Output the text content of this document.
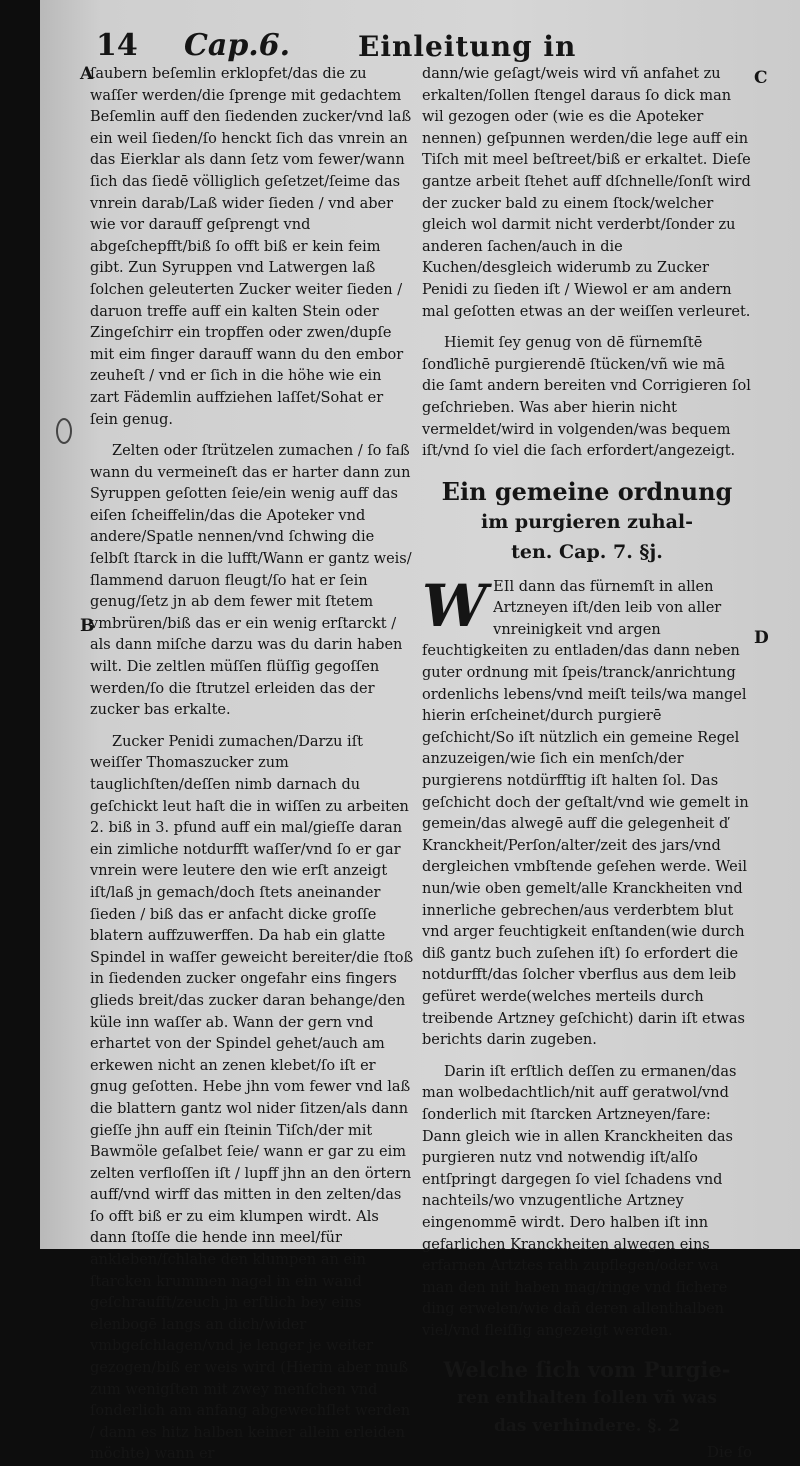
14 Cap.6. Einleitung in
A
B
C
D

ſaubern beſemlin erklopfet/das die zu waſſer werden/die ſprenge mit gedachtem Beſemlin auff den ſiedenden zucker/vnd laß ein weil ſieden/ſo henckt ſich das vnrein an das Eierklar als dann ſetz vom fewer/wann ſich das ſiedē völliglich geſetzet/ſeime das vnrein darab/Laß wider ſieden / vnd aber wie vor darauff geſprengt vnd abgeſchepfft/biß ſo offt biß er kein feim gibt. Zun Syruppen vnd Latwergen laß ſolchen geleuterten Zucker weiter ſieden / daruon treffe auff ein kalten Stein oder Zingeſchirr ein tropffen oder zwen/dupſe mit eim finger darauff wann du den embor zeuheſt / vnd er ſich in die höhe wie ein zart Fädemlin auffziehen laſſet/Sohat er ſein genug.

Zelten oder ſtrützelen zumachen / ſo faß wann du vermeineſt das er harter dann zun Syruppen geſotten ſeie/ein wenig auff das eiſen ſcheiffelin/das die Apoteker vnd andere/Spatle nennen/vnd ſchwing die ſelbſt ſtarck in die lufft/Wann er gantz weis/ſlammend daruon fleugt/ſo hat er ſein genug/ſetz jn ab dem fewer mit ſtetem vmbrüren/biß das er ein wenig erſtarckt / als dann miſche darzu was du darin haben wilt. Die zeltlen müſſen flüſſig gegoſſen werden/ſo die ſtrutzel erleiden das der zucker bas erkalte.

Zucker Penidi zumachen/Darzu iſt weiſſer Thomaszucker zum tauglichſten/deſſen nimb darnach du geſchickt leut haſt die in wiſſen zu arbeiten 2. biß in 3. pfund auff ein mal/gieſſe daran ein zimliche notdurfft waſſer/vnd ſo er gar vnrein were leutere den wie erſt anzeigt iſt/laß jn gemach/doch ſtets aneinander ſieden / biß das er anfacht dicke groſſe blatern auffzuwerffen. Da hab ein glatte Spindel in waſſer geweicht bereiter/die ſtoß in ſiedenden zucker ongefahr eins fingers glieds breit/das zucker daran behange/den küle inn waſſer ab. Wann der gern vnd erhartet von der Spindel gehet/auch am erkewen nicht an zenen klebet/ſo iſt er gnug geſotten. Hebe jhn vom fewer vnd laß die blattern gantz wol nider ſitzen/als dann gieſſe jhn auff ein ſteinin Tiſch/der mit Bawmöle geſalbet ſeie/ wann er gar zu eim zelten verfloſſen iſt / lupff jhn an den örtern auff/vnd wirff das mitten in den zelten/das ſo offt biß er zu eim klumpen wirdt. Als dann ſtoſſe die hende inn meel/für ankleben/ſchlahe den klumpen an ein ſtarcken krummen nagel in ein wand geſchraufft/zeuch jn erſtlich bey eins elenbogē langs an dich/wider vmbgeſchlagen/vnd je lenger je weiter gezogen/biß er weis wird (Hierin aber muß zum wenigſten mit zwey menſchen vnd ſonderlich am anfang abgewechſlet werden / dann es hitz halben keiner allein erleiden möchte) wann er

dann/wie geſagt/weis wird vñ anfahet zu erkalten/ſollen ſtengel daraus ſo dick man wil gezogen oder (wie es die Apoteker nennen) geſpunnen werden/die lege auff ein Tiſch mit meel beſtreet/biß er erkaltet. Dieſe gantze arbeit ſtehet auff dſchnelle/ſonſt wird der zucker bald zu einem ſtock/welcher gleich wol darmit nicht verderbt/ſonder zu anderen ſachen/auch in die Kuchen/desgleich widerumb zu Zucker Penidi zu ſieden iſt / Wiewol er am andern mal geſotten etwas an der weiſſen verleuret.

Hiemit ſey genug von dē fürnemſtē ſonďlichē purgierendē ſtücken/vñ wie mā die ſamt andern bereiten vnd Corrigieren ſol geſchrieben. Was aber hierin nicht vermeldet/wird in volgenden/was bequem iſt/vnd ſo viel die ſach erfordert/angezeigt.

Ein gemeine ordnung
im purgieren zuhal-
ten. Cap. 7. §j.

W EIl dann das fürnemſt in allen Artzneyen iſt/den leib von aller vnreinigkeit vnd argen feuchtigkeiten zu entladen/das dann neben guter ordnung mit ſpeis/tranck/anrichtung ordenlichs lebens/vnd meiſt teils/wa mangel hierin erſcheinet/durch purgierē geſchicht/So iſt nützlich ein gemeine Regel anzuzeigen/wie ſich ein menſch/der purgierens notdürfftig iſt halten ſol. Das geſchicht doch der geſtalt/vnd wie gemelt in gemein/das alwegē auff die gelegenheit ď Kranckheit/Perſon/alter/zeit des jars/vnd dergleichen vmbſtende geſehen werde. Weil nun/wie oben gemelt/alle Kranckheiten vnd innerliche gebrechen/aus verderbtem blut vnd arger feuchtigkeit enſtanden(wie durch diß gantz buch zuſehen iſt) ſo erfordert die notdurfft/das ſolcher vberflus aus dem leib gefüret werde(welches merteils durch treibende Artzney geſchicht) darin iſt etwas berichts darin zugeben.

Darin iſt erſtlich deſſen zu ermanen/das man wolbedachtlich/nit auff geratwol/vnd ſonderlich mit ſtarcken Artzneyen/fare: Dann gleich wie in allen Kranckheiten das purgieren nutz vnd notwendig iſt/alſo entſpringt dargegen ſo viel ſchadens vnd nachteils/wo vnzugentliche Artzney eingenommē wirdt. Dero halben iſt inn gefarlichen Kranckheiten alwegen eins erfarnen Artztes rath zupflegen/oder wa man den nit haben mag/ringe vnd ſichere ding erwelen/wie dañ deren allenthalben viel/vnd fleiſſig angezeigt werden.

Welche ſich vom Purgie-
ren enthalten ſollen vñ was
das verhindere. §. 2

Die ſo
